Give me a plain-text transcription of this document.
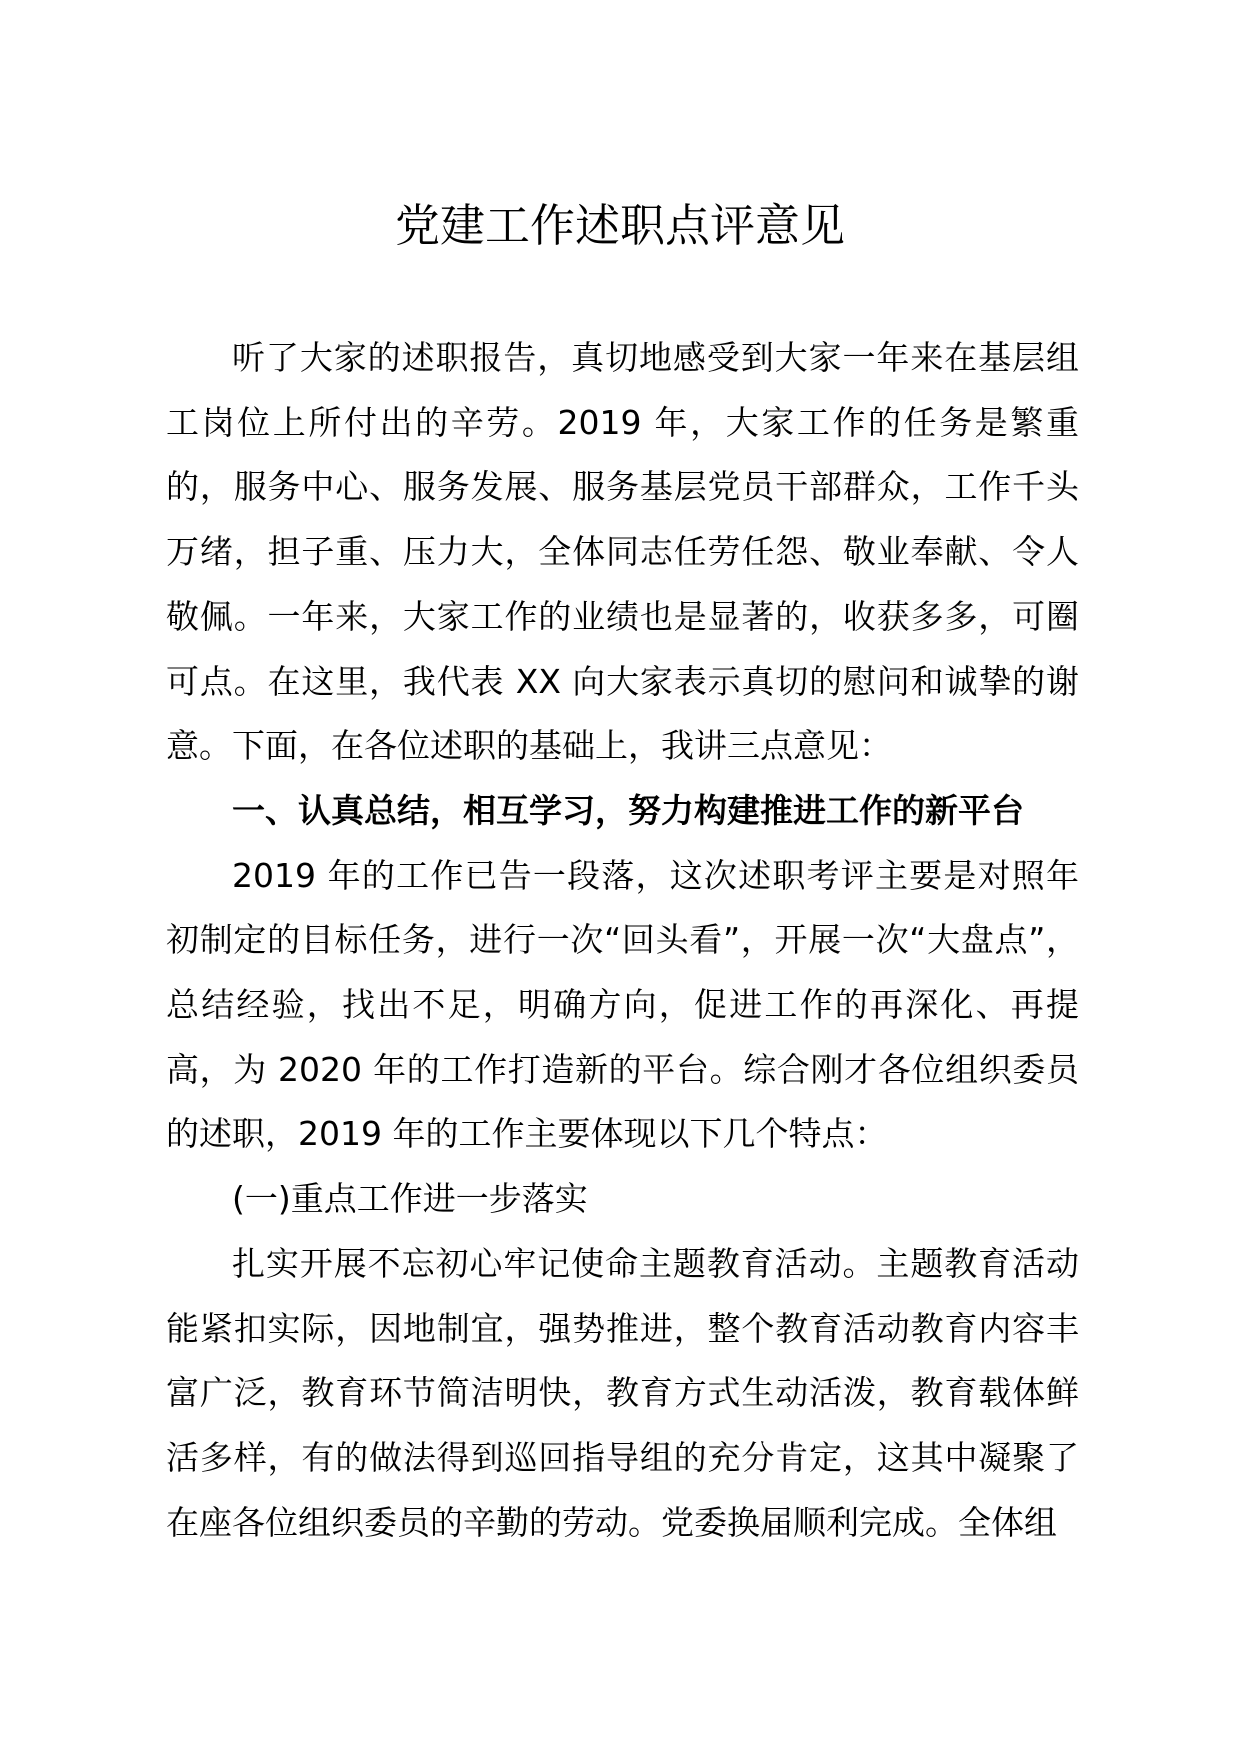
党建工作述职点评意见

听了大家的述职报告，真切地感受到大家一年来在基层组工岗位上所付出的辛劳。2019 年，大家工作的任务是繁重的，服务中心、服务发展、服务基层党员干部群众，工作千头万绪，担子重、压力大，全体同志任劳任怨、敬业奉献、令人敬佩。一年来，大家工作的业绩也是显著的，收获多多，可圈可点。在这里，我代表 XX 向大家表示真切的慰问和诚挚的谢意。下面，在各位述职的基础上，我讲三点意见：

一、认真总结，相互学习，努力构建推进工作的新平台

2019 年的工作已告一段落，这次述职考评主要是对照年初制定的目标任务，进行一次“回头看”，开展一次“大盘点”，总结经验，找出不足，明确方向，促进工作的再深化、再提高，为 2020 年的工作打造新的平台。综合刚才各位组织委员的述职，2019 年的工作主要体现以下几个特点：

(一)重点工作进一步落实

扎实开展不忘初心牢记使命主题教育活动。主题教育活动能紧扣实际，因地制宜，强势推进，整个教育活动教育内容丰富广泛，教育环节简洁明快，教育方式生动活泼，教育载体鲜活多样，有的做法得到巡回指导组的充分肯定，这其中凝聚了在座各位组织委员的辛勤的劳动。党委换届顺利完成。全体组
